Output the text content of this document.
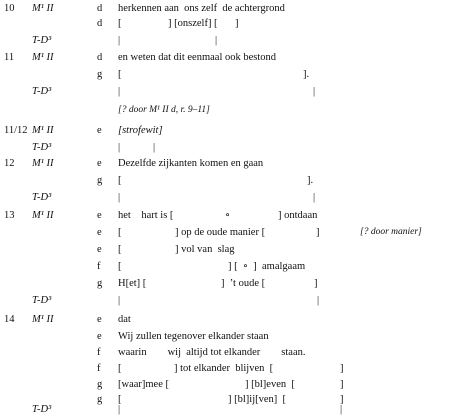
10 M¹ II	d herkennen aan  ons zelf  de achtergrond
d [	] [onszelf] [ ]
T-D³	|	|
11 M¹ II	d en weten dat dit eenmaal ook bestond
g [	].
T-D³	|	|
[? door M¹ II d, r. 9–11]
11/12 M¹ II	e [strofewit]
T-D³	|	|
12 M¹ II	e Dezelfde zijkanten komen en gaan
g [	].
T-D³	|	|
13 M¹ II	e het    hart is [	∘	] ontdaan
e [	] op de oude manier [	]	[? door manier]
e [	] vol van  slag
f [	] [  ∘  ]  amalgaam
g H[et] [	]  ’t oude [	]
T-D³	|	|
14 M¹ II	e dat
e Wij zullen tegenover elkander staan
f waarin        wij  altijd tot elkander        staan.
f [	] tot elkander  blijven  [	]
g [waar]mee [	] [bl]even  [	]
g [	] [bl]ij[ven]  [	]
T-D³	|	|
